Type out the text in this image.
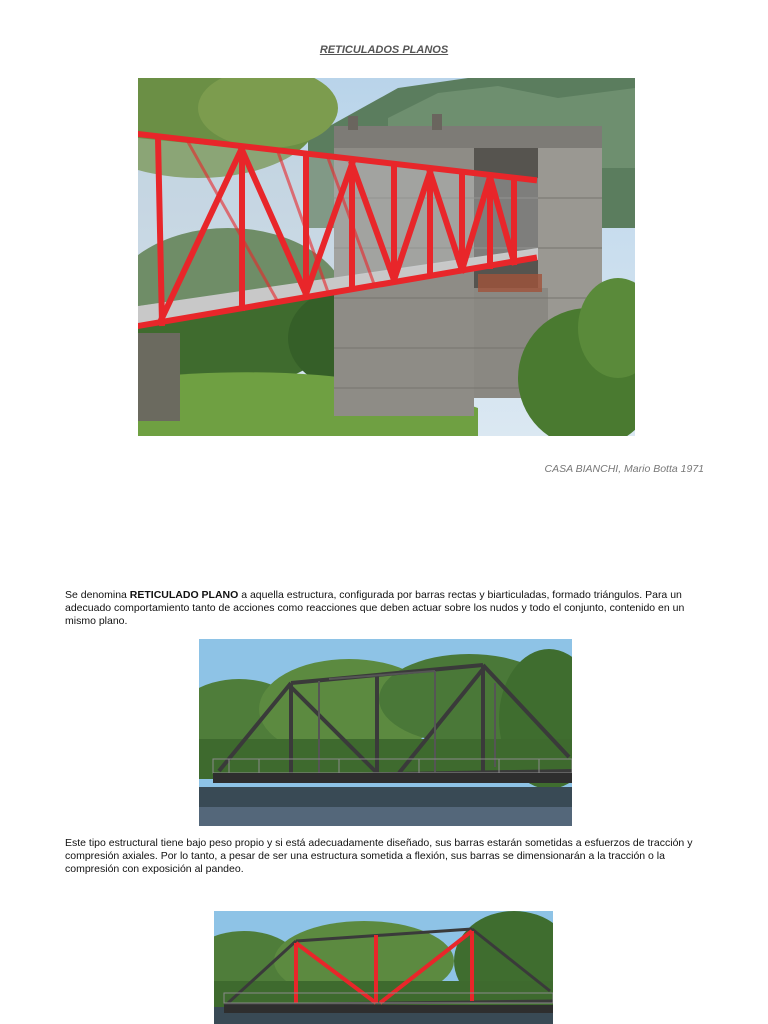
RETICULADOS PLANOS
CASA BIANCHI, Mario Botta 1971

Se denomina RETICULADO PLANO a aquella estructura, configurada por barras rectas y biarticuladas, formado triángulos. Para un adecuado comportamiento tanto de acciones como reacciones que deben actuar sobre los nudos y todo el conjunto, contenido en un mismo plano.

Este tipo estructural tiene bajo peso propio y si está adecuadamente diseñado, sus barras estarán sometidas a esfuerzos de tracción y compresión axiales. Por lo tanto, a pesar de ser una estructura sometida a flexión, sus barras se dimensionarán a la tracción o la compresión con exposición al pandeo.
